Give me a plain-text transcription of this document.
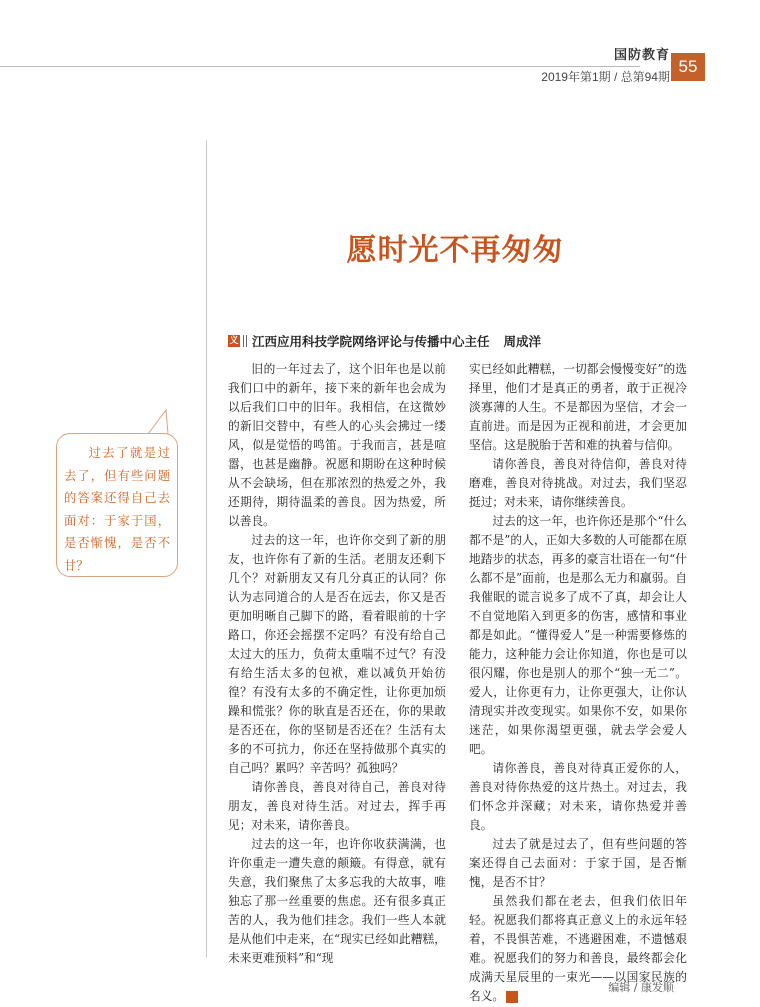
国防教育
2019年第1期 / 总第94期
55
愿时光不再匆匆
义 江西应用科技学院网络评论与传播中心主任 周成洋

过去了就是过去了，但有些问题的答案还得自己去面对：于家于国，是否惭愧，是否不甘？

旧的一年过去了，这个旧年也是以前我们口中的新年，接下来的新年也会成为以后我们口中的旧年。我相信，在这微妙的新旧交替中，有些人的心头会拂过一缕风，似是觉悟的鸣笛。于我而言，甚是喧嚣，也甚是幽静。祝愿和期盼在这种时候从不会缺场，但在那浓烈的热爱之外，我还期待，期待温柔的善良。因为热爱，所以善良。

过去的这一年，也许你交到了新的朋友，也许你有了新的生活。老朋友还剩下几个？对新朋友又有几分真正的认同？你认为志同道合的人是否在远去，你又是否更加明晰自己脚下的路，看着眼前的十字路口，你还会摇摆不定吗？有没有给自己太过大的压力，负荷太重喘不过气？有没有给生活太多的包袱，难以减负开始彷徨？有没有太多的不确定性，让你更加烦躁和慌张？你的耿直是否还在，你的果敢是否还在，你的坚韧是否还在？生活有太多的不可抗力，你还在坚持做那个真实的自己吗？累吗？辛苦吗？孤独吗？

请你善良，善良对待自己，善良对待朋友，善良对待生活。对过去，挥手再见；对未来，请你善良。

过去的这一年，也许你收获满满，也许你重走一遭失意的颠簸。有得意，就有失意，我们聚焦了太多忘我的大故事，唯独忘了那一丝重要的焦虑。还有很多真正苦的人，我为他们挂念。我们一些人本就是从他们中走来，在“现实已经如此糟糕，未来更难预料”和“现

实已经如此糟糕，一切都会慢慢变好”的选择里，他们才是真正的勇者，敢于正视冷淡寡薄的人生。不是都因为坚信，才会一直前进。而是因为正视和前进，才会更加坚信。这是脱胎于苦和难的执着与信仰。

请你善良，善良对待信仰，善良对待磨难，善良对待挑战。对过去，我们坚忍挺过；对未来，请你继续善良。

过去的这一年，也许你还是那个“什么都不是”的人，正如大多数的人可能都在原地踏步的状态，再多的豪言壮语在一句“什么都不是”面前，也是那么无力和羸弱。自我催眠的谎言说多了成不了真，却会让人不自觉地陷入到更多的伤害，感情和事业都是如此。“懂得爱人”是一种需要修炼的能力，这种能力会让你知道，你也是可以很闪耀，你也是别人的那个“独一无二”。爱人，让你更有力，让你更强大，让你认清现实并改变现实。如果你不安，如果你迷茫，如果你渴望更强，就去学会爱人吧。

请你善良，善良对待真正爱你的人，善良对待你热爱的这片热土。对过去，我们怀念并深藏；对未来，请你热爱并善良。

过去了就是过去了，但有些问题的答案还得自己去面对：于家于国，是否惭愧，是否不甘？

虽然我们都在老去，但我们依旧年轻。祝愿我们都将真正意义上的永远年轻着，不畏惧苦难，不逃避困难，不遗憾艰难。祝愿我们的努力和善良，最终都会化成满天星辰里的一束光——以国家民族的名义。	G

编辑 / 康发顺
